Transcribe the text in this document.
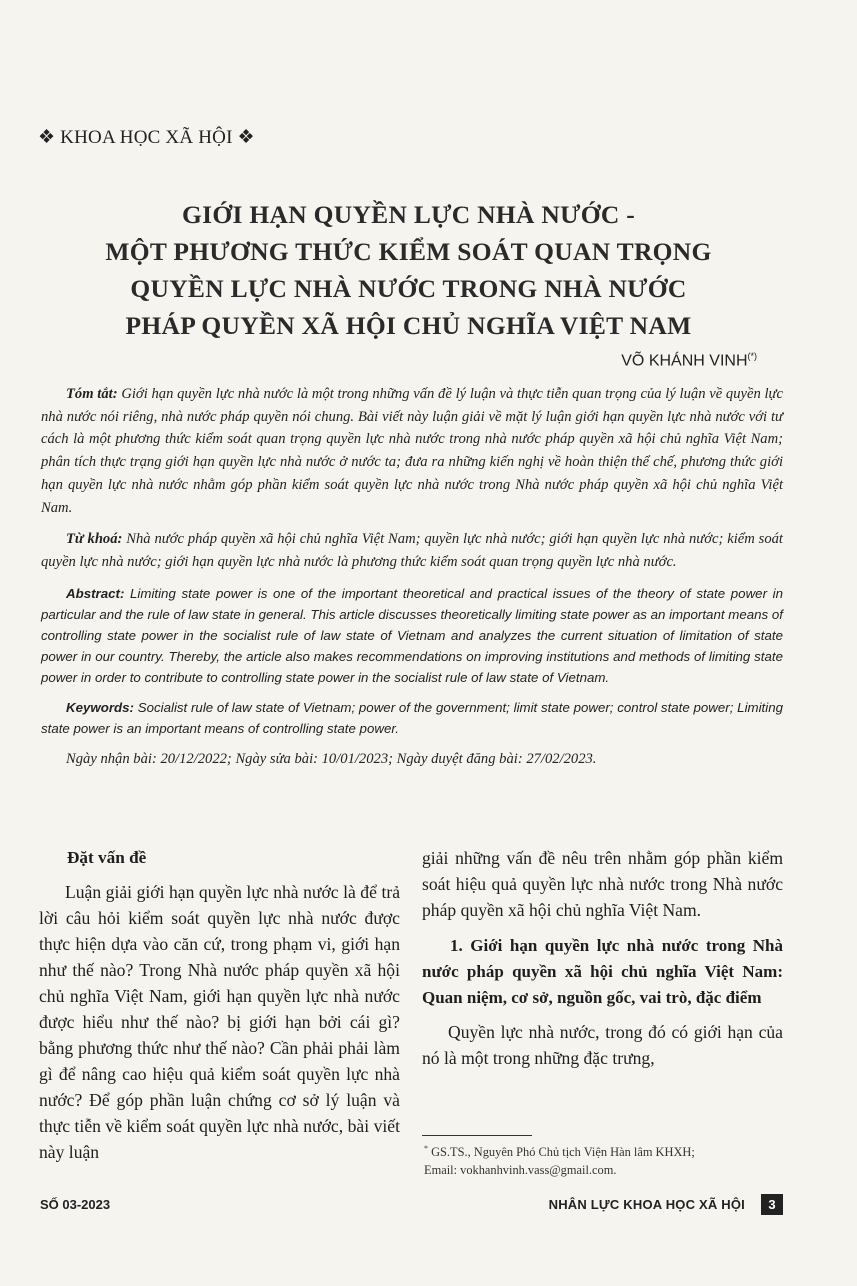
❖ KHOA HỌC XÃ HỘI ❖
GIỚI HẠN QUYỀN LỰC NHÀ NƯỚC -
MỘT PHƯƠNG THỨC KIỂM SOÁT QUAN TRỌNG
QUYỀN LỰC NHÀ NƯỚC TRONG NHÀ NƯỚC
PHÁP QUYỀN XÃ HỘI CHỦ NGHĨA VIỆT NAM
VÕ KHÁNH VINH(*)

Tóm tắt: Giới hạn quyền lực nhà nước là một trong những vấn đề lý luận và thực tiễn quan trọng của lý luận về quyền lực nhà nước nói riêng, nhà nước pháp quyền nói chung. Bài viết này luận giải về mặt lý luận giới hạn quyền lực nhà nước với tư cách là một phương thức kiểm soát quan trọng quyền lực nhà nước trong nhà nước pháp quyền xã hội chủ nghĩa Việt Nam; phân tích thực trạng giới hạn quyền lực nhà nước ở nước ta; đưa ra những kiến nghị về hoàn thiện thể chế, phương thức giới hạn quyền lực nhà nước nhằm góp phần kiểm soát quyền lực nhà nước trong Nhà nước pháp quyền xã hội chủ nghĩa Việt Nam.

Từ khoá: Nhà nước pháp quyền xã hội chủ nghĩa Việt Nam; quyền lực nhà nước; giới hạn quyền lực nhà nước; kiểm soát quyền lực nhà nước; giới hạn quyền lực nhà nước là phương thức kiểm soát quan trọng quyền lực nhà nước.

Abstract: Limiting state power is one of the important theoretical and practical issues of the theory of state power in particular and the rule of law state in general. This article discusses theoretically limiting state power as an important means of controlling state power in the socialist rule of law state of Vietnam and analyzes the current situation of limitation of state power in our country. Thereby, the article also makes recommendations on improving institutions and methods of limiting state power in order to contribute to controlling state power in the socialist rule of law state of Vietnam.

Keywords: Socialist rule of law state of Vietnam; power of the government; limit state power; control state power; Limiting state power is an important means of controlling state power.

Ngày nhận bài: 20/12/2022; Ngày sửa bài: 10/01/2023; Ngày duyệt đăng bài: 27/02/2023.

Đặt vấn đề

Luận giải giới hạn quyền lực nhà nước là để trả lời câu hỏi kiểm soát quyền lực nhà nước được thực hiện dựa vào căn cứ, trong phạm vi, giới hạn như thế nào? Trong Nhà nước pháp quyền xã hội chủ nghĩa Việt Nam, giới hạn quyền lực nhà nước được hiểu như thế nào? bị giới hạn bởi cái gì? bằng phương thức như thế nào? Cần phải phải làm gì để nâng cao hiệu quả kiểm soát quyền lực nhà nước? Để góp phần luận chứng cơ sở lý luận và thực tiễn về kiểm soát quyền lực nhà nước, bài viết này luận

giải những vấn đề nêu trên nhằm góp phần kiểm soát hiệu quả quyền lực nhà nước trong Nhà nước pháp quyền xã hội chủ nghĩa Việt Nam.

1. Giới hạn quyền lực nhà nước trong Nhà nước pháp quyền xã hội chủ nghĩa Việt Nam: Quan niệm, cơ sở, nguồn gốc, vai trò, đặc điểm

Quyền lực nhà nước, trong đó có giới hạn của nó là một trong những đặc trưng,

* GS.TS., Nguyên Phó Chủ tịch Viện Hàn lâm KHXH;
Email: vokhanhvinh.vass@gmail.com.
SỐ 03-2023	NHÂN LỰC KHOA HỌC XÃ HỘI	3
